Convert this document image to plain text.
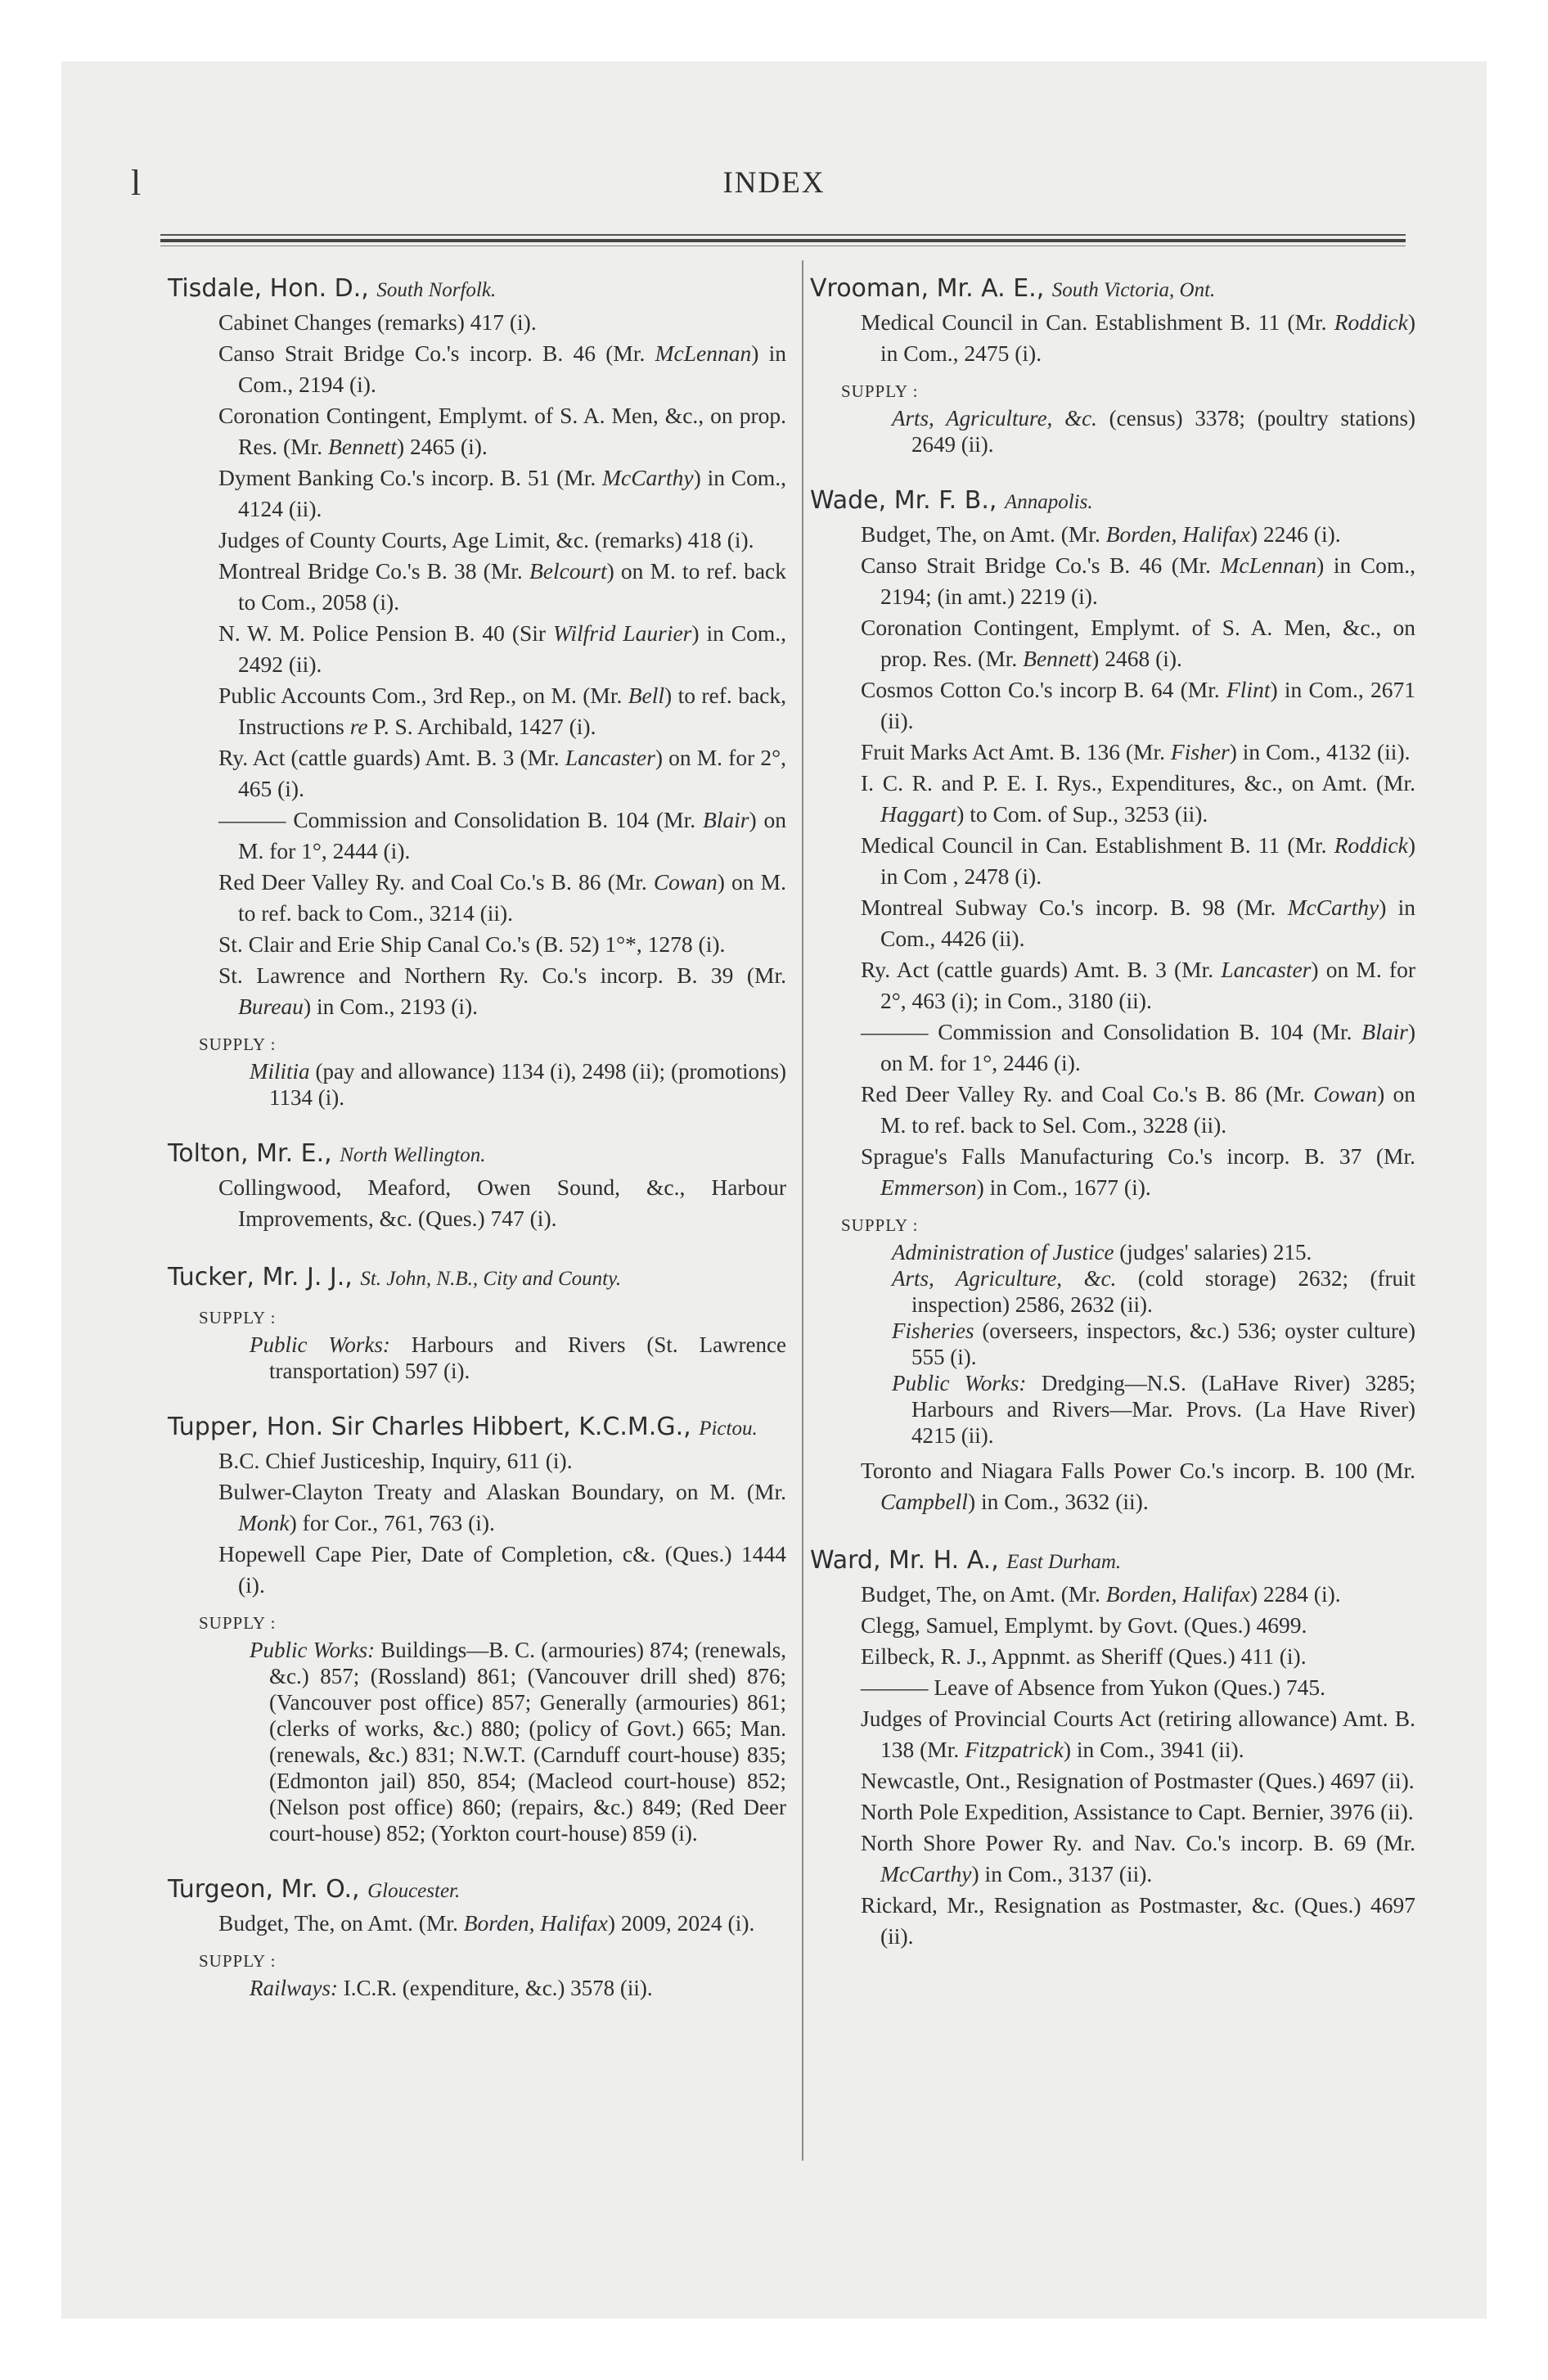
l	INDEX
Tisdale, Hon. D., South Norfolk.
Cabinet Changes (remarks) 417 (i).
Canso Strait Bridge Co.'s incorp. B. 46 (Mr. McLennan) in Com., 2194 (i).
Coronation Contingent, Emplymt. of S. A. Men, &c., on prop. Res. (Mr. Bennett) 2465 (i).
Dyment Banking Co.'s incorp. B. 51 (Mr. McCarthy) in Com., 4124 (ii).
Judges of County Courts, Age Limit, &c. (remarks) 418 (i).
Montreal Bridge Co.'s B. 38 (Mr. Belcourt) on M. to ref. back to Com., 2058 (i).
N. W. M. Police Pension B. 40 (Sir Wilfrid Laurier) in Com., 2492 (ii).
Public Accounts Com., 3rd Rep., on M. (Mr. Bell) to ref. back, Instructions re P. S. Archibald, 1427 (i).
Ry. Act (cattle guards) Amt. B. 3 (Mr. Lancaster) on M. for 2°, 465 (i).
——— Commission and Consolidation B. 104 (Mr. Blair) on M. for 1°, 2444 (i).
Red Deer Valley Ry. and Coal Co.'s B. 86 (Mr. Cowan) on M. to ref. back to Com., 3214 (ii).
St. Clair and Erie Ship Canal Co.'s (B. 52) 1°*, 1278 (i).
St. Lawrence and Northern Ry. Co.'s incorp. B. 39 (Mr. Bureau) in Com., 2193 (i).
SUPPLY :
Militia (pay and allowance) 1134 (i), 2498 (ii); (promotions) 1134 (i).
Tolton, Mr. E., North Wellington.
Collingwood, Meaford, Owen Sound, &c., Harbour Improvements, &c. (Ques.) 747 (i).
Tucker, Mr. J. J., St. John, N.B., City and County.
SUPPLY :
Public Works: Harbours and Rivers (St. Lawrence transportation) 597 (i).
Tupper, Hon. Sir Charles Hibbert, K.C.M.G., Pictou.
B.C. Chief Justiceship, Inquiry, 611 (i).
Bulwer-Clayton Treaty and Alaskan Boundary, on M. (Mr. Monk) for Cor., 761, 763 (i).
Hopewell Cape Pier, Date of Completion, c&. (Ques.) 1444 (i).
SUPPLY :
Public Works: Buildings—B. C. (armouries) 874; (renewals, &c.) 857; (Rossland) 861; (Vancouver drill shed) 876; (Vancouver post office) 857; Generally (armouries) 861; (clerks of works, &c.) 880; (policy of Govt.) 665; Man. (renewals, &c.) 831; N.W.T. (Carnduff court-house) 835; (Edmonton jail) 850, 854; (Macleod court-house) 852; (Nelson post office) 860; (repairs, &c.) 849; (Red Deer court-house) 852; (Yorkton court-house) 859 (i).
Turgeon, Mr. O., Gloucester.
Budget, The, on Amt. (Mr. Borden, Halifax) 2009, 2024 (i).
SUPPLY :
Railways: I.C.R. (expenditure, &c.) 3578 (ii).
Vrooman, Mr. A. E., South Victoria, Ont.
Medical Council in Can. Establishment B. 11 (Mr. Roddick) in Com., 2475 (i).
SUPPLY :
Arts, Agriculture, &c. (census) 3378; (poultry stations) 2649 (ii).
Wade, Mr. F. B., Annapolis.
Budget, The, on Amt. (Mr. Borden, Halifax) 2246 (i).
Canso Strait Bridge Co.'s B. 46 (Mr. McLennan) in Com., 2194; (in amt.) 2219 (i).
Coronation Contingent, Emplymt. of S. A. Men, &c., on prop. Res. (Mr. Bennett) 2468 (i).
Cosmos Cotton Co.'s incorp B. 64 (Mr. Flint) in Com., 2671 (ii).
Fruit Marks Act Amt. B. 136 (Mr. Fisher) in Com., 4132 (ii).
I. C. R. and P. E. I. Rys., Expenditures, &c., on Amt. (Mr. Haggart) to Com. of Sup., 3253 (ii).
Medical Council in Can. Establishment B. 11 (Mr. Roddick) in Com , 2478 (i).
Montreal Subway Co.'s incorp. B. 98 (Mr. McCarthy) in Com., 4426 (ii).
Ry. Act (cattle guards) Amt. B. 3 (Mr. Lancaster) on M. for 2°, 463 (i); in Com., 3180 (ii).
——— Commission and Consolidation B. 104 (Mr. Blair) on M. for 1°, 2446 (i).
Red Deer Valley Ry. and Coal Co.'s B. 86 (Mr. Cowan) on M. to ref. back to Sel. Com., 3228 (ii).
Sprague's Falls Manufacturing Co.'s incorp. B. 37 (Mr. Emmerson) in Com., 1677 (i).
SUPPLY :
Administration of Justice (judges' salaries) 215.
Arts, Agriculture, &c. (cold storage) 2632; (fruit inspection) 2586, 2632 (ii).
Fisheries (overseers, inspectors, &c.) 536; oyster culture) 555 (i).
Public Works: Dredging—N.S. (LaHave River) 3285; Harbours and Rivers—Mar. Provs. (La Have River) 4215 (ii).
Toronto and Niagara Falls Power Co.'s incorp. B. 100 (Mr. Campbell) in Com., 3632 (ii).
Ward, Mr. H. A., East Durham.
Budget, The, on Amt. (Mr. Borden, Halifax) 2284 (i).
Clegg, Samuel, Emplymt. by Govt. (Ques.) 4699.
Eilbeck, R. J., Appnmt. as Sheriff (Ques.) 411 (i).
——— Leave of Absence from Yukon (Ques.) 745.
Judges of Provincial Courts Act (retiring allowance) Amt. B. 138 (Mr. Fitzpatrick) in Com., 3941 (ii).
Newcastle, Ont., Resignation of Postmaster (Ques.) 4697 (ii).
North Pole Expedition, Assistance to Capt. Bernier, 3976 (ii).
North Shore Power Ry. and Nav. Co.'s incorp. B. 69 (Mr. McCarthy) in Com., 3137 (ii).
Rickard, Mr., Resignation as Postmaster, &c. (Ques.) 4697 (ii).
